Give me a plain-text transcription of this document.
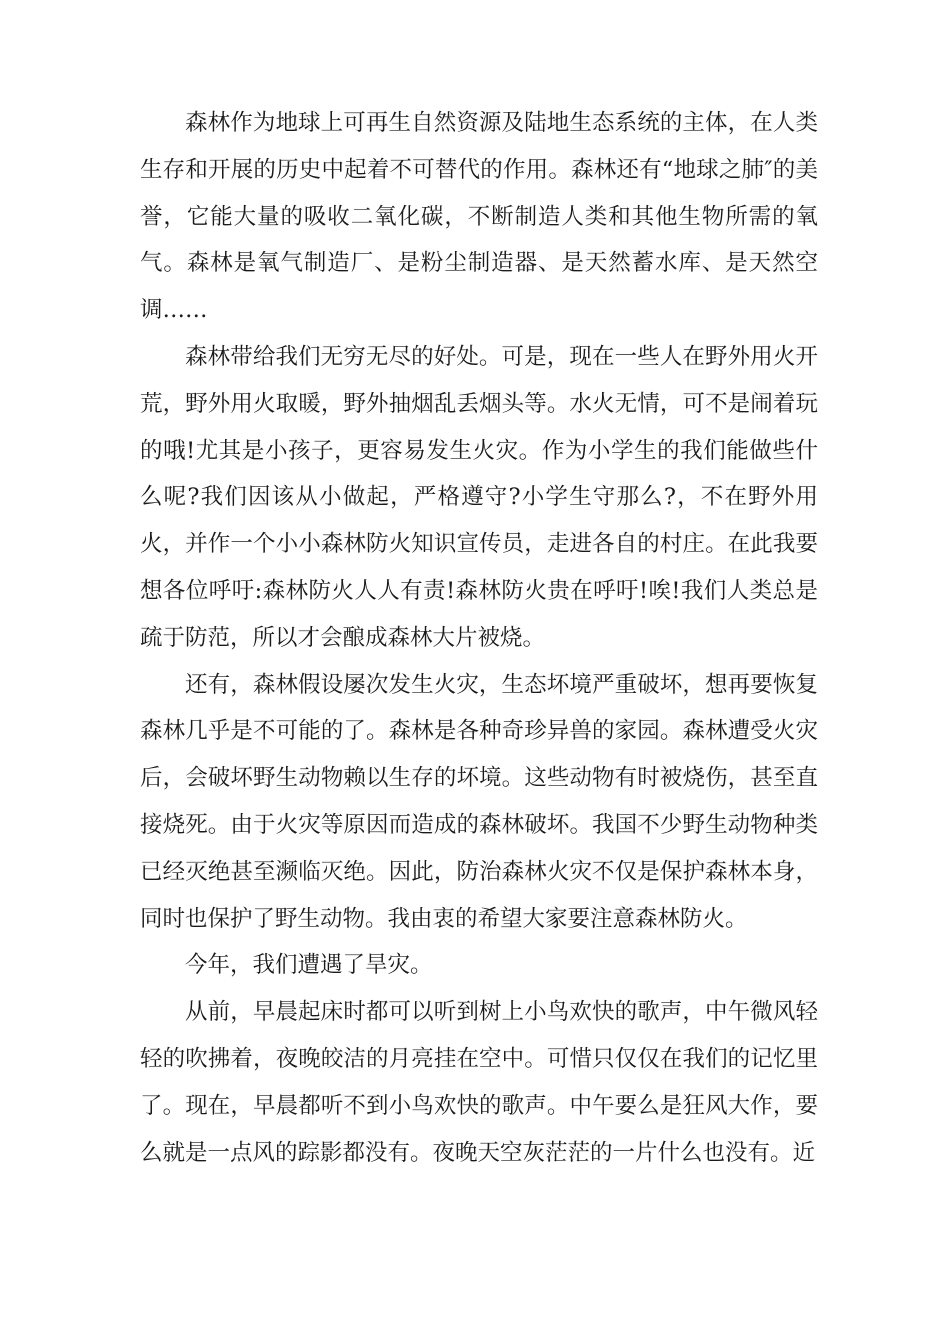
森林作为地球上可再生自然资源及陆地生态系统的主体，在人类生存和开展的历史中起着不可替代的作用。森林还有“地球之肺″的美誉，它能大量的吸收二氧化碳，不断制造人类和其他生物所需的氧气。森林是氧气制造厂、是粉尘制造器、是天然蓄水库、是天然空调……

森林带给我们无穷无尽的好处。可是，现在一些人在野外用火开荒，野外用火取暖，野外抽烟乱丢烟头等。水火无情，可不是闹着玩的哦!尤其是小孩子，更容易发生火灾。作为小学生的我们能做些什么呢?我们因该从小做起，严格遵守?小学生守那么?，不在野外用火，并作一个小小森林防火知识宣传员，走进各自的村庄。在此我要想各位呼吁:森林防火人人有责!森林防火贵在呼吁!唉!我们人类总是疏于防范，所以才会酿成森林大片被烧。

还有，森林假设屡次发生火灾，生态坏境严重破坏，想再要恢复森林几乎是不可能的了。森林是各种奇珍异兽的家园。森林遭受火灾后，会破坏野生动物赖以生存的坏境。这些动物有时被烧伤，甚至直接烧死。由于火灾等原因而造成的森林破坏。我国不少野生动物种类已经灭绝甚至濒临灭绝。因此，防治森林火灾不仅是保护森林本身，同时也保护了野生动物。我由衷的希望大家要注意森林防火。

今年，我们遭遇了旱灾。

从前，早晨起床时都可以听到树上小鸟欢快的歌声，中午微风轻轻的吹拂着，夜晚皎洁的月亮挂在空中。可惜只仅仅在我们的记忆里了。现在，早晨都听不到小鸟欢快的歌声。中午要么是狂风大作，要么就是一点风的踪影都没有。夜晚天空灰茫茫的一片什么也没有。近
